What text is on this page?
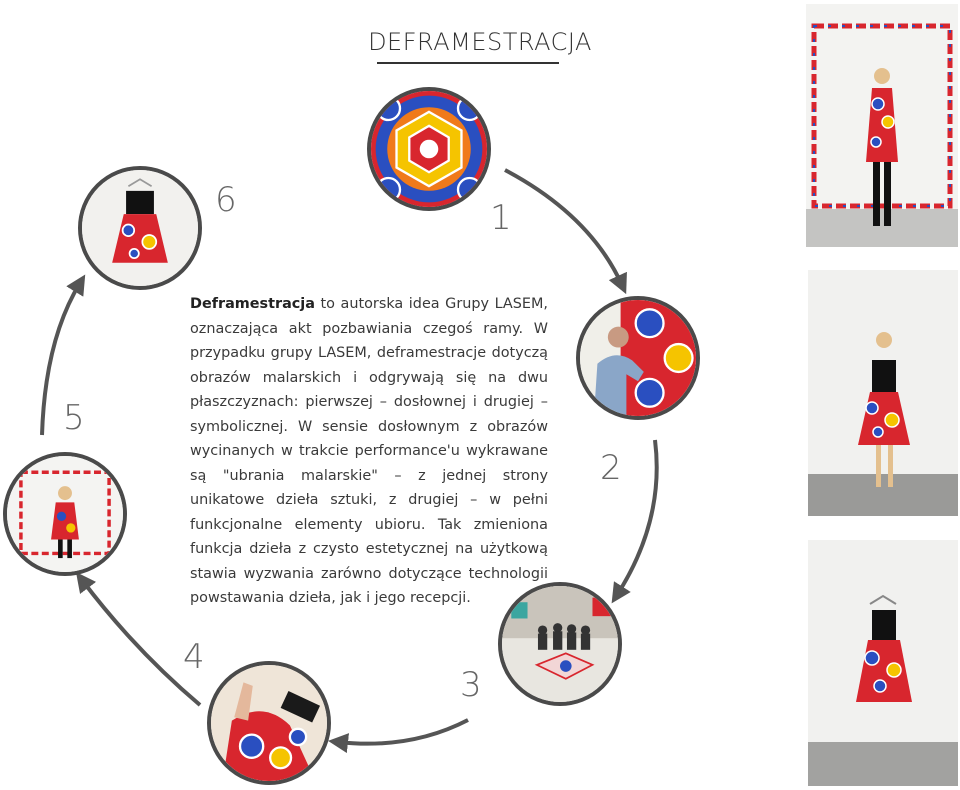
DEFRAMESTRACJA
1
2
3
4
5
6
Deframestracja to autorska idea Grupy LASEM, oznaczająca akt pozbawiania czegoś ramy. W przypadku grupy LASEM, deframestracje dotyczą obrazów malarskich i odgrywają się na dwu płaszczyznach: pierwszej – dosłownej i drugiej – symbolicznej. W sensie dosłownym z obrazów wycinanych w trakcie performance'u wykrawane są "ubrania malarskie" – z jednej strony unikatowe dzieła sztuki, z drugiej – w pełni funkcjonalne elementy ubioru. Tak zmieniona funkcja dzieła z czysto estetycznej na użytkową stawia wyzwania zarówno dotyczące technologii powstawania dzieła, jak i jego recepcji.
